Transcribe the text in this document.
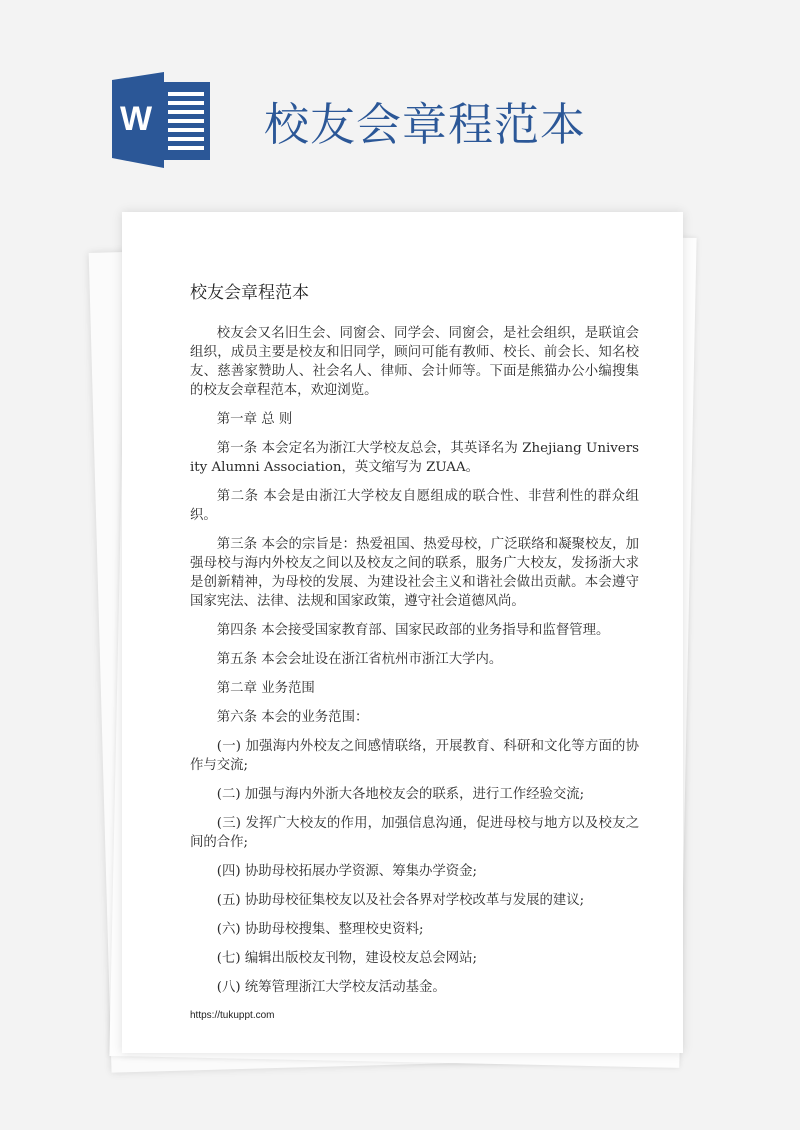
W 校友会章程范本
校友会章程范本

校友会又名旧生会、同窗会、同学会、同窗会，是社会组织，是联谊会组织，成员主要是校友和旧同学，顾问可能有教师、校长、前会长、知名校友、慈善家赞助人、社会名人、律师、会计师等。下面是熊猫办公小编搜集的校友会章程范本，欢迎浏览。

第一章 总 则

第一条 本会定名为浙江大学校友总会，其英译名为 Zhejiang University Alumni Association，英文缩写为 ZUAA。

第二条 本会是由浙江大学校友自愿组成的联合性、非营利性的群众组织。

第三条 本会的宗旨是：热爱祖国、热爱母校，广泛联络和凝聚校友，加强母校与海内外校友之间以及校友之间的联系，服务广大校友，发扬浙大求是创新精神，为母校的发展、为建设社会主义和谐社会做出贡献。本会遵守国家宪法、法律、法规和国家政策，遵守社会道德风尚。

第四条 本会接受国家教育部、国家民政部的业务指导和监督管理。

第五条 本会会址设在浙江省杭州市浙江大学内。

第二章 业务范围

第六条 本会的业务范围：

(一) 加强海内外校友之间感情联络，开展教育、科研和文化等方面的协作与交流;

(二) 加强与海内外浙大各地校友会的联系，进行工作经验交流;

(三) 发挥广大校友的作用，加强信息沟通，促进母校与地方以及校友之间的合作;

(四) 协助母校拓展办学资源、筹集办学资金;

(五) 协助母校征集校友以及社会各界对学校改革与发展的建议;

(六) 协助母校搜集、整理校史资料;

(七) 编辑出版校友刊物，建设校友总会网站;

(八) 统筹管理浙江大学校友活动基金。

https://tukuppt.com
